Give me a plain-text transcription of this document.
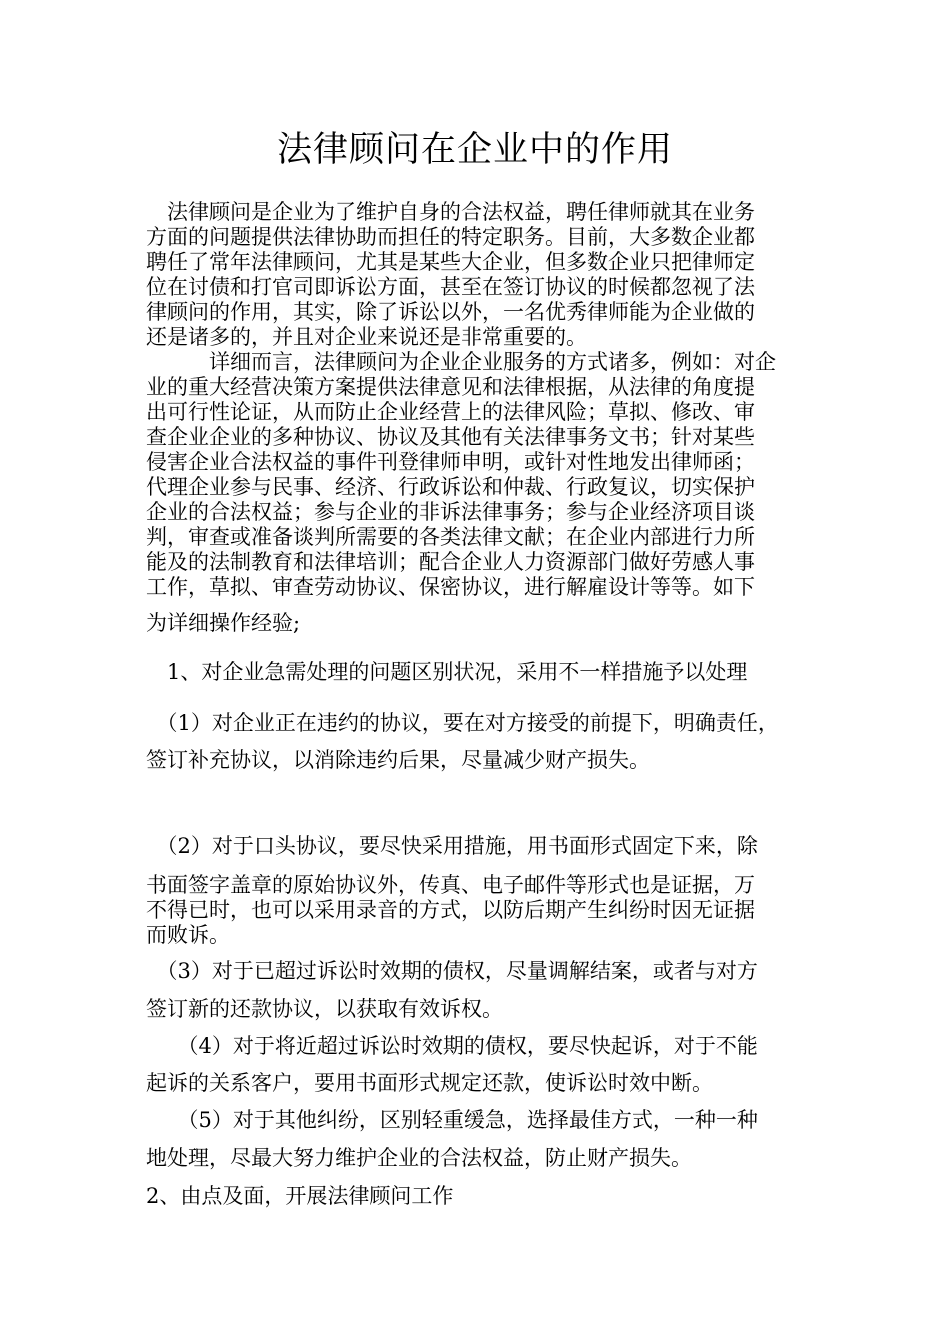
法律顾问在企业中的作用

　法律顾问是企业为了维护自身的合法权益，聘任律师就其在业务

方面的问题提供法律协助而担任的特定职务。目前，大多数企业都

聘任了常年法律顾问，尤其是某些大企业，但多数企业只把律师定

位在讨债和打官司即诉讼方面，甚至在签订协议的时候都忽视了法

律顾问的作用，其实，除了诉讼以外，一名优秀律师能为企业做的

还是诸多的，并且对企业来说还是非常重要的。

　　　详细而言，法律顾问为企业企业服务的方式诸多，例如：对企

业的重大经营决策方案提供法律意见和法律根据，从法律的角度提

出可行性论证，从而防止企业经营上的法律风险；草拟、修改、审

查企业企业的多种协议、协议及其他有关法律事务文书；针对某些

侵害企业合法权益的事件刊登律师申明，或针对性地发出律师函；

代理企业参与民事、经济、行政诉讼和仲裁、行政复议，切实保护

企业的合法权益；参与企业的非诉法律事务；参与企业经济项目谈

判，审查或准备谈判所需要的各类法律文献；在企业内部进行力所

能及的法制教育和法律培训；配合企业人力资源部门做好劳感人事

工作，草拟、审查劳动协议、保密协议，进行解雇设计等等。如下

为详细操作经验;

　1、对企业急需处理的问题区别状况，采用不一样措施予以处理

　（1）对企业正在违约的协议，要在对方接受的前提下，明确责任，

签订补充协议，以消除违约后果，尽量减少财产损失。

　（2）对于口头协议，要尽快采用措施，用书面形式固定下来，除

书面签字盖章的原始协议外，传真、电子邮件等形式也是证据，万

不得已时，也可以采用录音的方式，以防后期产生纠纷时因无证据

而败诉。

　（3）对于已超过诉讼时效期的债权，尽量调解结案，或者与对方

签订新的还款协议，以获取有效诉权。

　　（4）对于将近超过诉讼时效期的债权，要尽快起诉，对于不能

起诉的关系客户，要用书面形式规定还款，使诉讼时效中断。

　　（5）对于其他纠纷，区别轻重缓急，选择最佳方式，一种一种

地处理，尽最大努力维护企业的合法权益，防止财产损失。

2、由点及面，开展法律顾问工作
